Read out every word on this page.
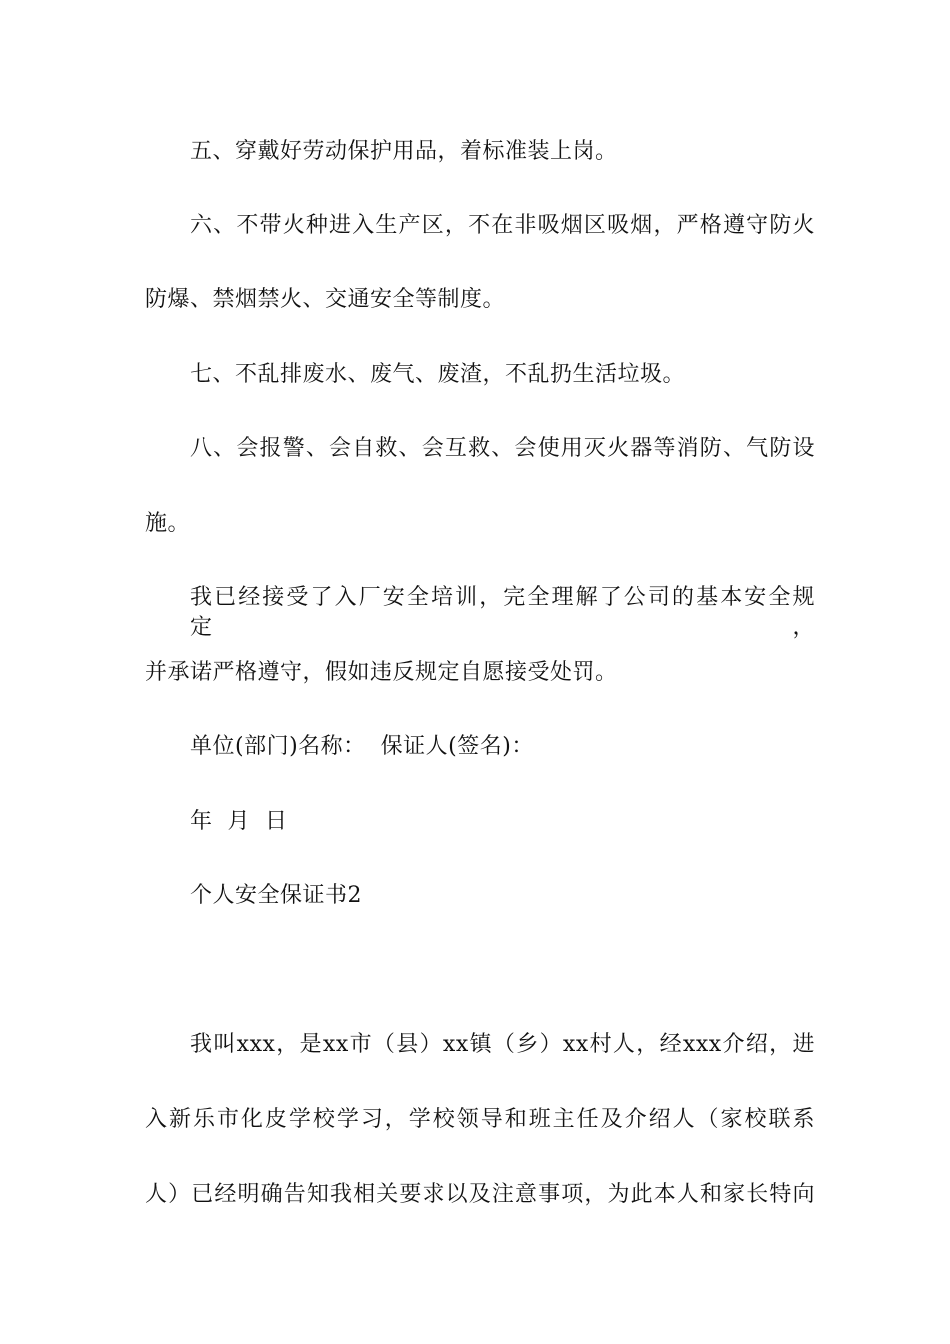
五、穿戴好劳动保护用品，着标准装上岗。
六、不带火种进入生产区，不在非吸烟区吸烟，严格遵守防火
防爆、禁烟禁火、交通安全等制度。
七、不乱排废水、废气、废渣，不乱扔生活垃圾。
八、会报警、会自救、会互救、会使用灭火器等消防、气防设
施。
我已经接受了入厂安全培训，完全理解了公司的基本安全规定，
并承诺严格遵守，假如违反规定自愿接受处罚。
单位(部门)名称：  保证人(签名)：
年  月  日
个人安全保证书2
我叫xxx，是xx市（县）xx镇（乡）xx村人，经xxx介绍，进
入新乐市化皮学校学习，学校领导和班主任及介绍人（家校联系
人）已经明确告知我相关要求以及注意事项，为此本人和家长特向
